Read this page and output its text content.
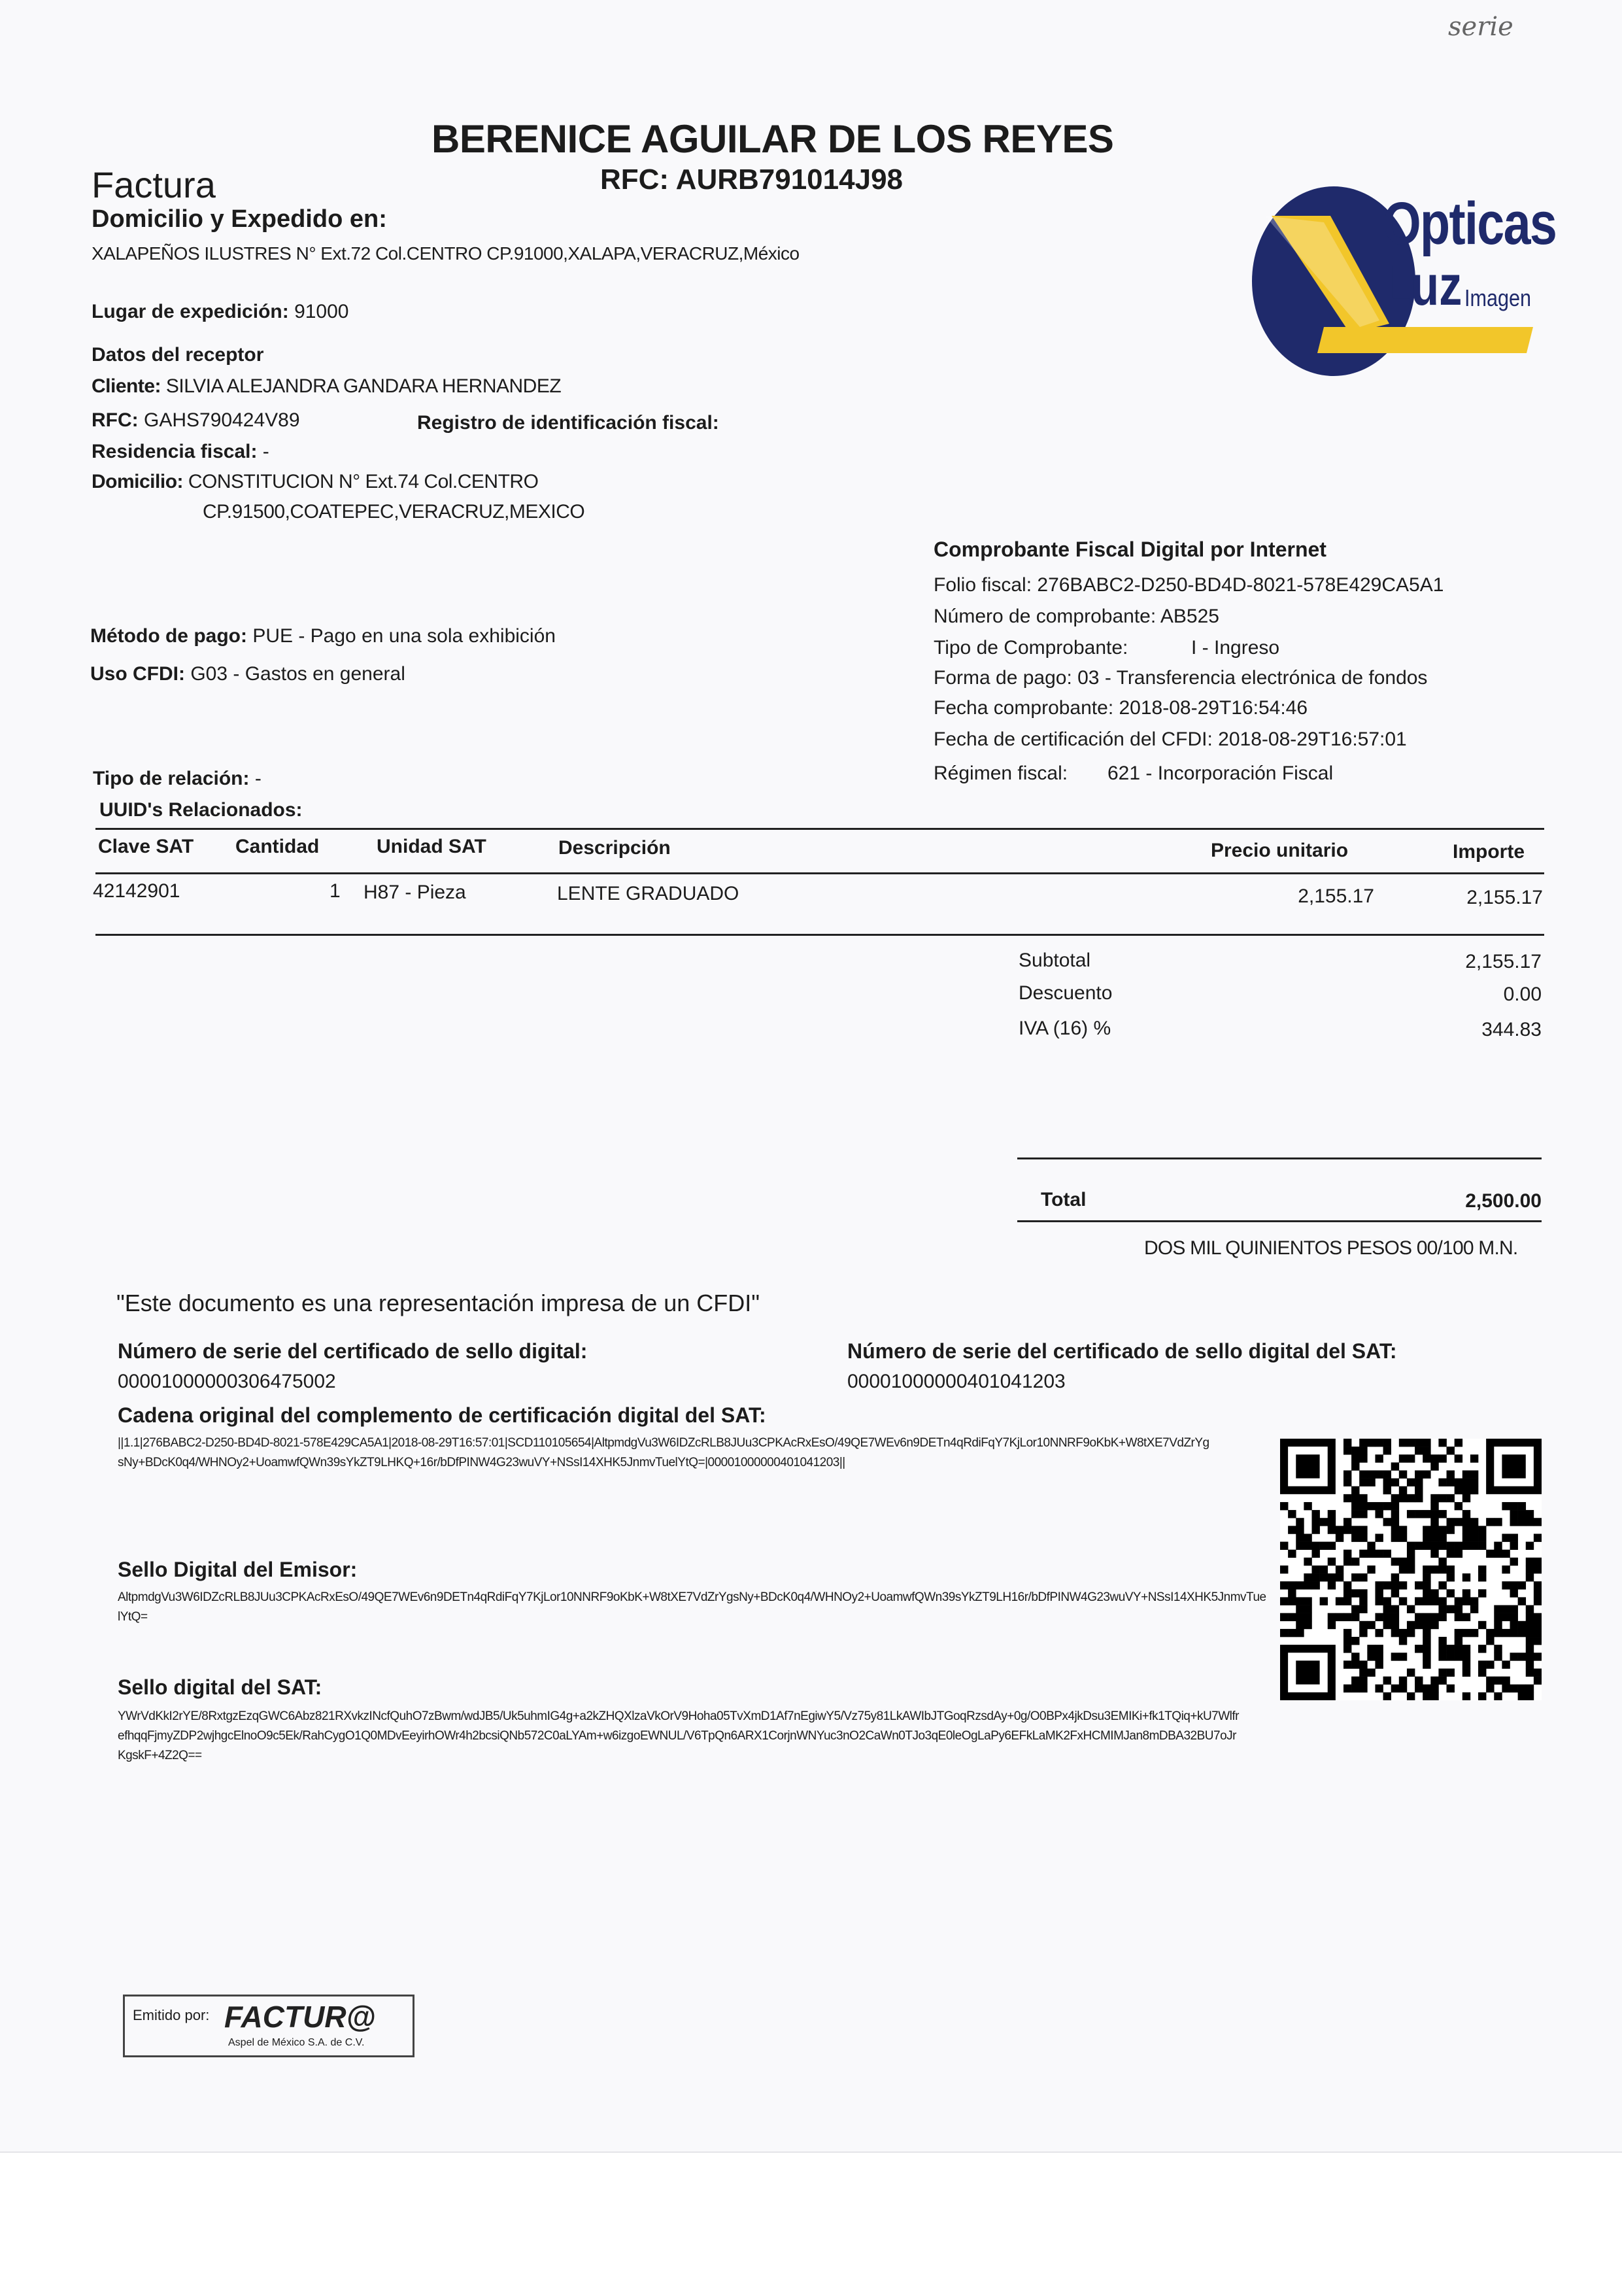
serie
BERENICE AGUILAR DE LOS REYES
RFC: AURB791014J98
Factura
Domicilio y Expedido en:
XALAPEÑOS ILUSTRES N° Ext.72 Col.CENTRO CP.91000,XALAPA,VERACRUZ,México
Lugar de expedición: 91000
Opticas
Luz Imagen
Datos del receptor
Cliente: SILVIA ALEJANDRA GANDARA HERNANDEZ
RFC: GAHS790424V89	Registro de identificación fiscal:
Residencia fiscal: -
Domicilio: CONSTITUCION N° Ext.74 Col.CENTRO
CP.91500,COATEPEC,VERACRUZ,MEXICO
Comprobante Fiscal Digital por Internet
Folio fiscal: 276BABC2-D250-BD4D-8021-578E429CA5A1
Número de comprobante: AB525
Tipo de Comprobante:	I - Ingreso
Forma de pago: 03 - Transferencia electrónica de fondos
Fecha comprobante: 2018-08-29T16:54:46
Fecha de certificación del CFDI: 2018-08-29T16:57:01
Régimen fiscal: 621 - Incorporación Fiscal
Método de pago: PUE - Pago en una sola exhibición
Uso CFDI: G03 - Gastos en general
Tipo de relación: -
UUID's Relacionados:
Clave SAT Cantidad	Unidad SAT	Descripción	Precio unitario	Importe
42142901	1 H87 - Pieza	LENTE GRADUADO	2,155.17	2,155.17
Subtotal	2,155.17
Descuento	0.00
IVA (16) %	344.83
Total	2,500.00
DOS MIL QUINIENTOS PESOS 00/100 M.N.
"Este documento es una representación impresa de un CFDI"
Número de serie del certificado de sello digital:
00001000000306475002
Número de serie del certificado de sello digital del SAT:
00001000000401041203
Cadena original del complemento de certificación digital del SAT:
||1.1|276BABC2-D250-BD4D-8021-578E429CA5A1|2018-08-29T16:57:01|SCD110105654|AltpmdgVu3W6IDZcRLB8JUu3CPKAcRxEsO/49QE7WEv6n9DETn4qRdiFqY7KjLor10NNRF9oKbK+W8tXE7VdZrYgsNy+BDcK0q4/WHNOy2+UoamwfQWn39sYkZT9LHKQ+16r/bDfPINW4G23wuVY+NSsI14XHK5JnmvTuelYtQ=|00001000000401041203||
Sello Digital del Emisor:
AltpmdgVu3W6IDZcRLB8JUu3CPKAcRxEsO/49QE7WEv6n9DETn4qRdiFqY7KjLor10NNRF9oKbK+W8tXE7VdZrYgsNy+BDcK0q4/WHNOy2+UoamwfQWn39sYkZT9LH16r/bDfPINW4G23wuVY+NSsI14XHK5JnmvTuelYtQ=
Sello digital del SAT:
YWrVdKkI2rYE/8RxtgzEzqGWC6Abz821RXvkzINcfQuhO7zBwm/wdJB5/Uk5uhmIG4g+a2kZHQXlzaVkOrV9Hoha05TvXmD1Af7nEgiwY5/Vz75y81LkAWIbJTGoqRzsdAy+0g/O0BPx4jkDsu3EMIKi+fk1TQiq+kU7WlfrefhqqFjmyZDP2wjhgcElnoO9c5Ek/RahCygO1Q0MDvEeyirhOWr4h2bcsiQNb572C0aLYAm+w6izgoEWNUL/V6TpQn6ARX1CorjnWNYuc3nO2CaWn0TJo3qE0leOgLaPy6EFkLaMK2FxHCMIMJan8mDBA32BU7oJrKgskF+4Z2Q==
Emitido por: FACTUR@
Aspel de México S.A. de C.V.
